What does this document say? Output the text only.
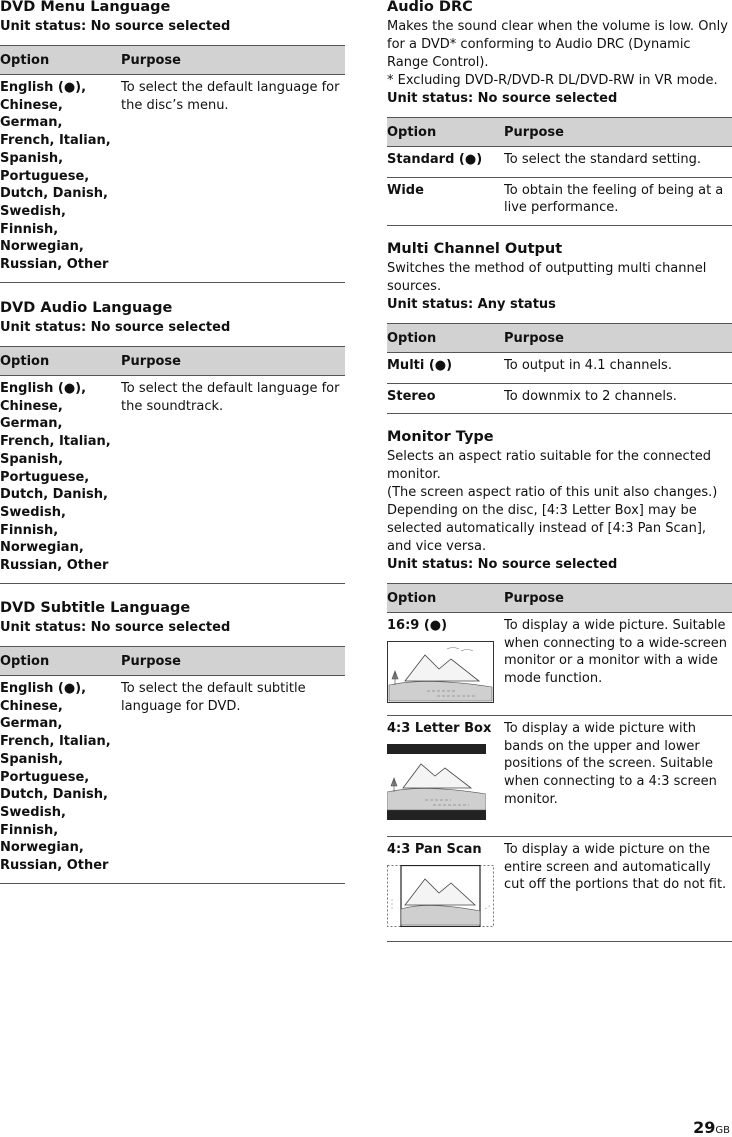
DVD Menu Language
Unit status: No source selected
Option	Purpose
English (●), Chinese, German, French, Italian, Spanish, Portuguese, Dutch, Danish, Swedish, Finnish, Norwegian, Russian, Other	To select the default language for the disc’s menu.
DVD Audio Language
Unit status: No source selected
Option	Purpose
English (●), Chinese, German, French, Italian, Spanish, Portuguese, Dutch, Danish, Swedish, Finnish, Norwegian, Russian, Other	To select the default language for the soundtrack.
DVD Subtitle Language
Unit status: No source selected
Option	Purpose
English (●), Chinese, German, French, Italian, Spanish, Portuguese, Dutch, Danish, Swedish, Finnish, Norwegian, Russian, Other	To select the default subtitle language for DVD.
Audio DRC

Makes the sound clear when the volume is low. Only for a DVD* conforming to Audio DRC (Dynamic Range Control).

* Excluding DVD-R/DVD-R DL/DVD-RW in VR mode.

Unit status: No source selected
Option	Purpose
Standard (●)	To select the standard setting.
Wide	To obtain the feeling of being at a live performance.
Multi Channel Output
Switches the method of outputting multi channel sources.
Unit status: Any status
Option	Purpose
Multi (●)	To output in 4.1 channels.
Stereo	To downmix to 2 channels.
Monitor Type

Selects an aspect ratio suitable for the connected monitor.

(The screen aspect ratio of this unit also changes.)

Depending on the disc, [4:3 Letter Box] may be selected automatically instead of [4:3 Pan Scan], and vice versa.

Unit status: No source selected
Option	Purpose
16:9 (●)	To display a wide picture. Suitable when connecting to a wide-screen monitor or a monitor with a wide mode function.
4:3 Letter Box	To display a wide picture with bands on the upper and lower positions of the screen. Suitable when connecting to a 4:3 screen monitor.
4:3 Pan Scan	To display a wide picture on the entire screen and automatically cut off the portions that do not fit.
29GB
